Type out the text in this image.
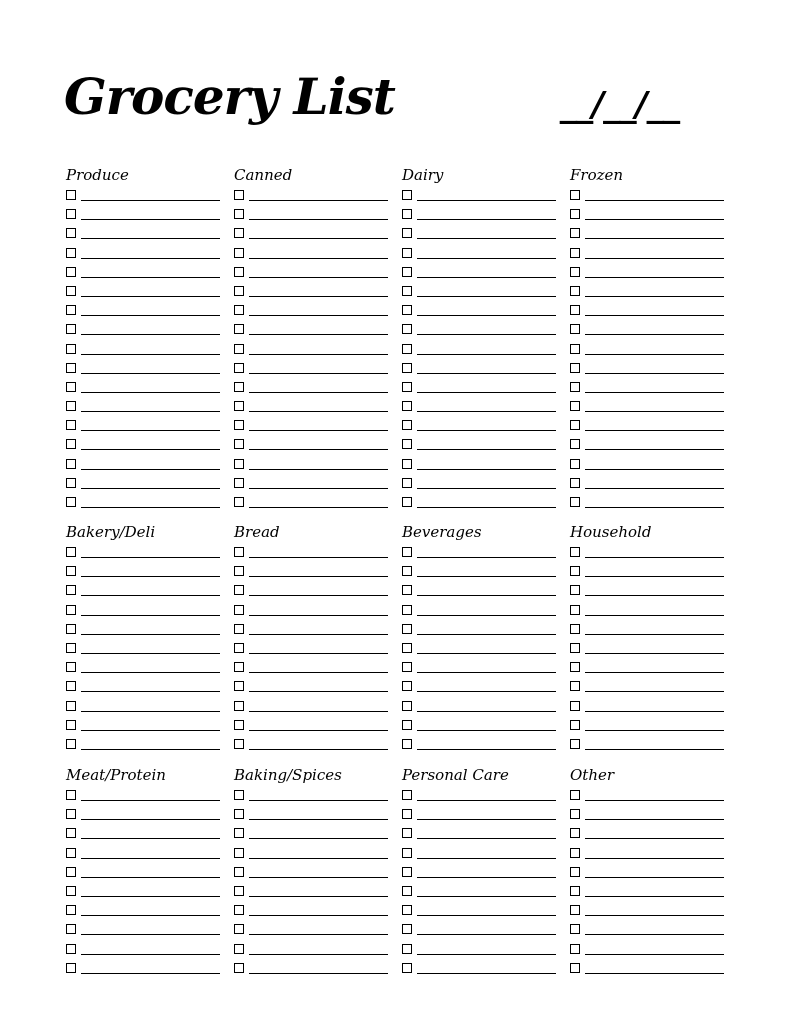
Grocery List	__/__/__
Produce	Canned	Dairy	Frozen
Bakery/Deli	Bread	Beverages	Household
Meat/Protein	Baking/Spices	Personal Care	Other
